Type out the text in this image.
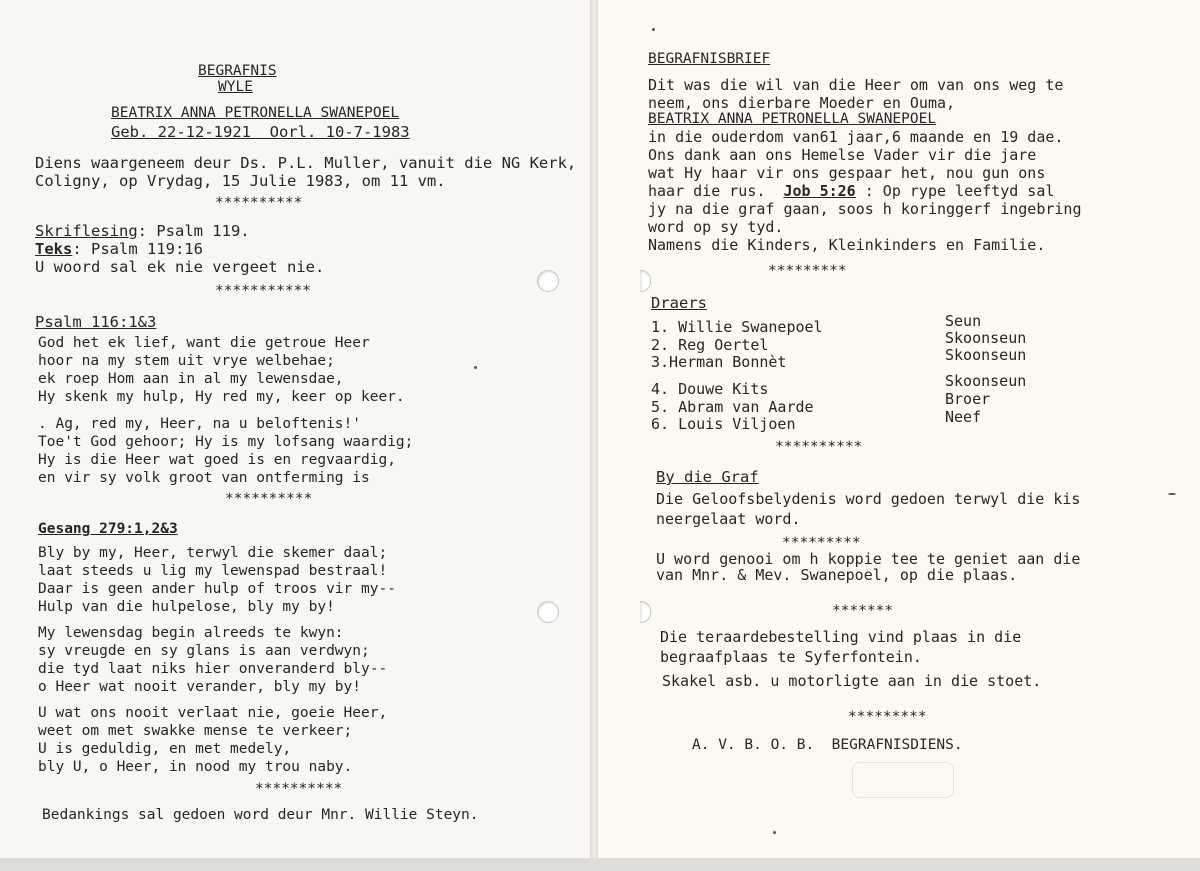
BEGRAFNIS
WYLE
BEATRIX ANNA PETRONELLA SWANEPOEL
Geb. 22-12-1921  Oorl. 10-7-1983
Diens waargeneem deur Ds. P.L. Muller, vanuit die NG Kerk,
Coligny, op Vrydag, 15 Julie 1983, om 11 vm.
**********
Skriflesing: Psalm 119.
Teks: Psalm 119:16
U woord sal ek nie vergeet nie.
***********
Psalm 116:1&3
God het ek lief, want die getroue Heer
hoor na my stem uit vrye welbehae;
ek roep Hom aan in al my lewensdae,
Hy skenk my hulp, Hy red my, keer op keer.
. Ag, red my, Heer, na u beloftenis!'
Toe't God gehoor; Hy is my lofsang waardig;
Hy is die Heer wat goed is en regvaardig,
en vir sy volk groot van ontferming is
**********
Gesang 279:1,2&3
Bly by my, Heer, terwyl die skemer daal;
laat steeds u lig my lewenspad bestraal!
Daar is geen ander hulp of troos vir my--
Hulp van die hulpelose, bly my by!
My lewensdag begin alreeds te kwyn:
sy vreugde en sy glans is aan verdwyn;
die tyd laat niks hier onveranderd bly--
o Heer wat nooit verander, bly my by!
U wat ons nooit verlaat nie, goeie Heer,
weet om met swakke mense te verkeer;
U is geduldig, en met medely,
bly U, o Heer, in nood my trou naby.
**********
Bedankings sal gedoen word deur Mnr. Willie Steyn.
BEGRAFNISBRIEF
Dit was die wil van die Heer om van ons weg te
neem, ons dierbare Moeder en Ouma,
BEATRIX ANNA PETRONELLA SWANEPOEL
in die ouderdom van61 jaar,6 maande en 19 dae.
Ons dank aan ons Hemelse Vader vir die jare
wat Hy haar vir ons gespaar het, nou gun ons
haar die rus. Job 5:26 : Op rype leeftyd sal
jy na die graf gaan, soos h koringgerf ingebring
word op sy tyd.
Namens die Kinders, Kleinkinders en Familie.
*********
Draers
1. Willie Swanepoel	Seun
2. Reg Oertel	Skoonseun
3.Herman Bonnèt	Skoonseun
4. Douwe Kits	Skoonseun
5. Abram van Aarde	Broer
6. Louis Viljoen	Neef
**********
By die Graf
Die Geloofsbelydenis word gedoen terwyl die kis
neergelaat word.
*********
U word genooi om h koppie tee te geniet aan die
van Mnr. & Mev. Swanepoel, op die plaas.
*******
Die teraardebestelling vind plaas in die
begraafplaas te Syferfontein.
Skakel asb. u motorligte aan in die stoet.
*********
A. V. B. O. B.  BEGRAFNISDIENS.
